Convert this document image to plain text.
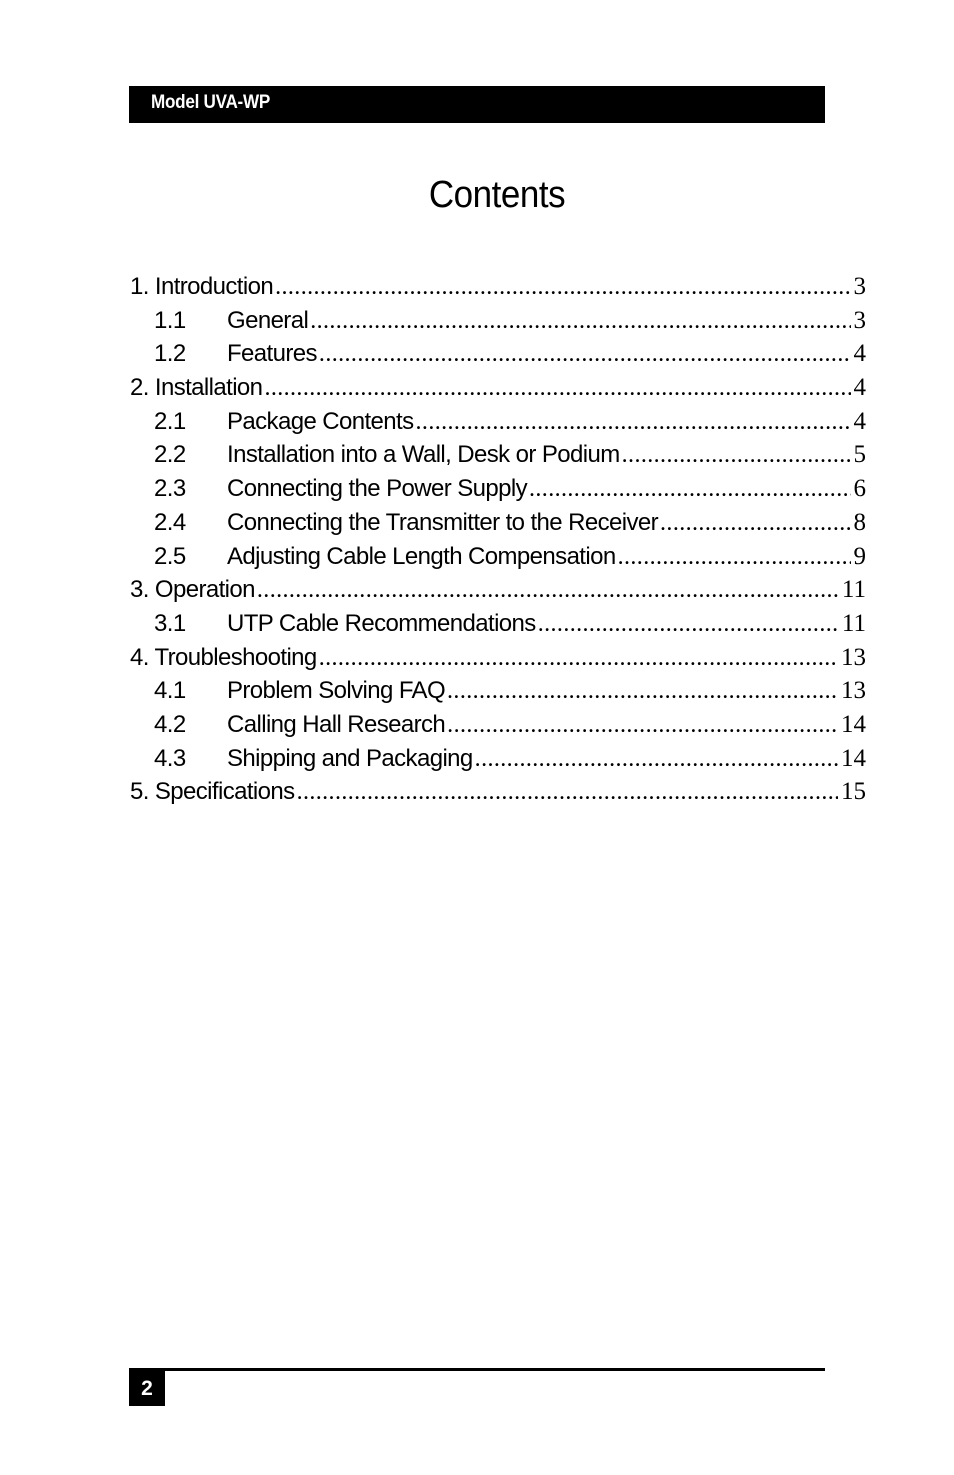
Model UVA-WP
Contents
1. Introduction .....	3
1.1	General .....	3
1.2	Features .....	4
2. Installation .....	4
2.1	Package Contents .....	4
2.2	Installation into a Wall, Desk or Podium .....	5
2.3	Connecting the Power Supply .....	6
2.4	Connecting the Transmitter to the Receiver .....	8
2.5	Adjusting Cable Length Compensation .....	9
3. Operation .....	11
3.1	UTP Cable Recommendations .....	11
4. Troubleshooting .....	13
4.1	Problem Solving FAQ .....	13
4.2	Calling Hall Research .....	14
4.3	Shipping and Packaging .....	14
5. Specifications .....	15
2
